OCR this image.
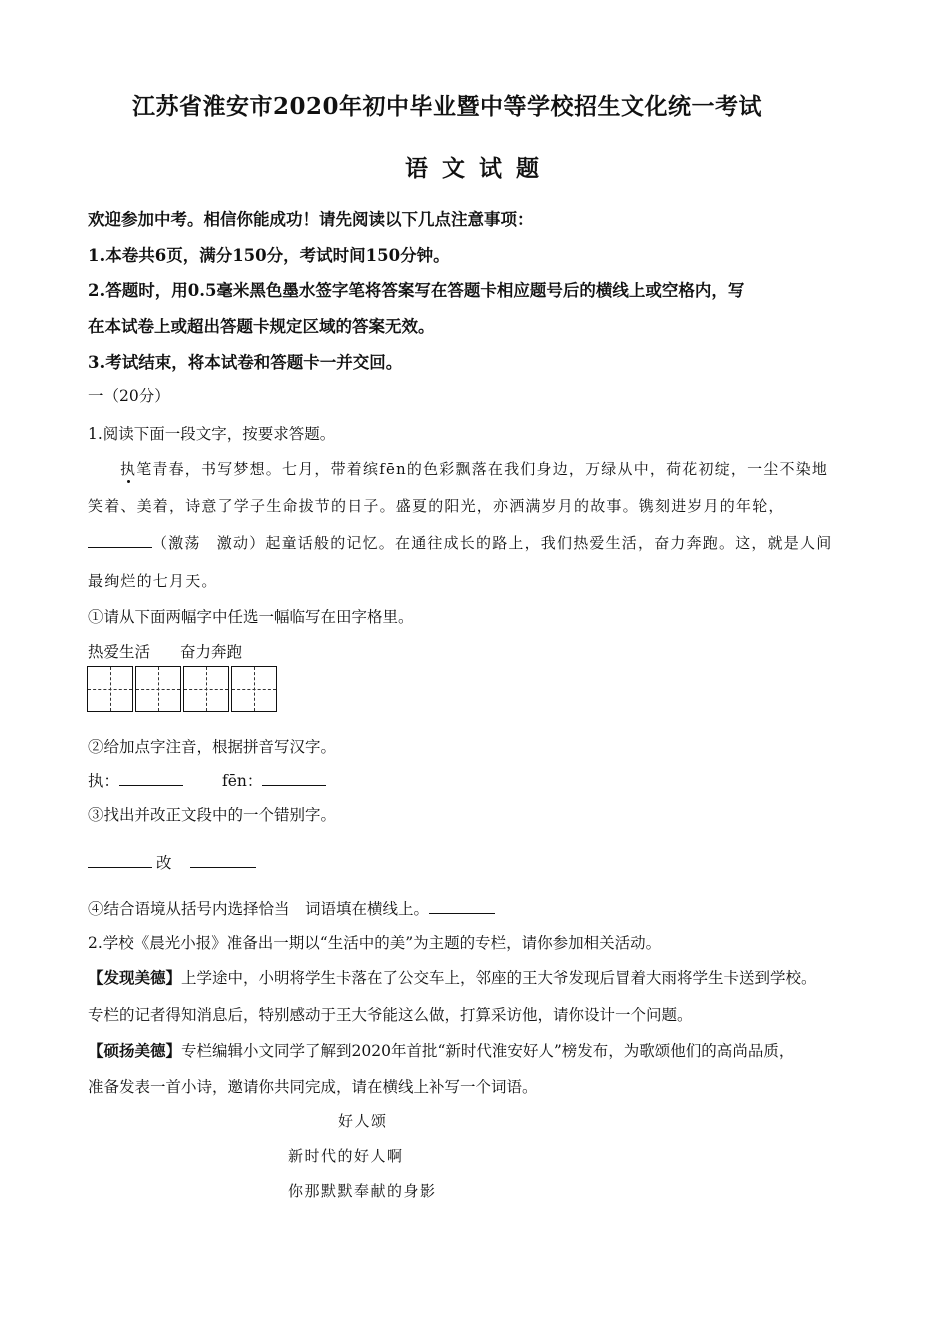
江苏省淮安市2020年初中毕业暨中等学校招生文化统一考试
语文试题
欢迎参加中考。相信你能成功！请先阅读以下几点注意事项：
1.本卷共6页，满分150分，考试时间150分钟。
2.答题时，用0.5毫米黑色墨水签字笔将答案写在答题卡相应题号后的横线上或空格内，写
在本试卷上或超出答题卡规定区域的答案无效。
3.考试结束，将本试卷和答题卡一并交回。
一（20分）
1.阅读下面一段文字，按要求答题。
执笔青春，书写梦想。七月，带着缤fēn的色彩飘落在我们身边，万绿从中，荷花初绽，一尘不染地
笑着、美着，诗意了学子生命拔节的日子。盛夏的阳光，亦洒满岁月的故事。镌刻进岁月的年轮，
（激荡　激动）起童话般的记忆。在通往成长的路上，我们热爱生活，奋力奔跑。这，就是人间
最绚烂的七月天。
①请从下面两幅字中任选一幅临写在田字格里。
热爱生活 奋力奔跑
②给加点字注音，根据拼音写汉字。
执：	fēn：
③找出并改正文段中的一个错别字。
改
④结合语境从括号内选择恰当　词语填在横线上。
2.学校《晨光小报》准备出一期以“生活中的美”为主题的专栏，请你参加相关活动。
【发现美德】上学途中，小明将学生卡落在了公交车上，邻座的王大爷发现后冒着大雨将学生卡送到学校。
专栏的记者得知消息后，特别感动于王大爷能这么做，打算采访他，请你设计一个问题。
【硕扬美德】专栏编辑小文同学了解到2020年首批“新时代淮安好人”榜发布，为歌颂他们的高尚品质，
准备发表一首小诗，邀请你共同完成，请在横线上补写一个词语。
好人颂
新时代的好人啊
你那默默奉献的身影
